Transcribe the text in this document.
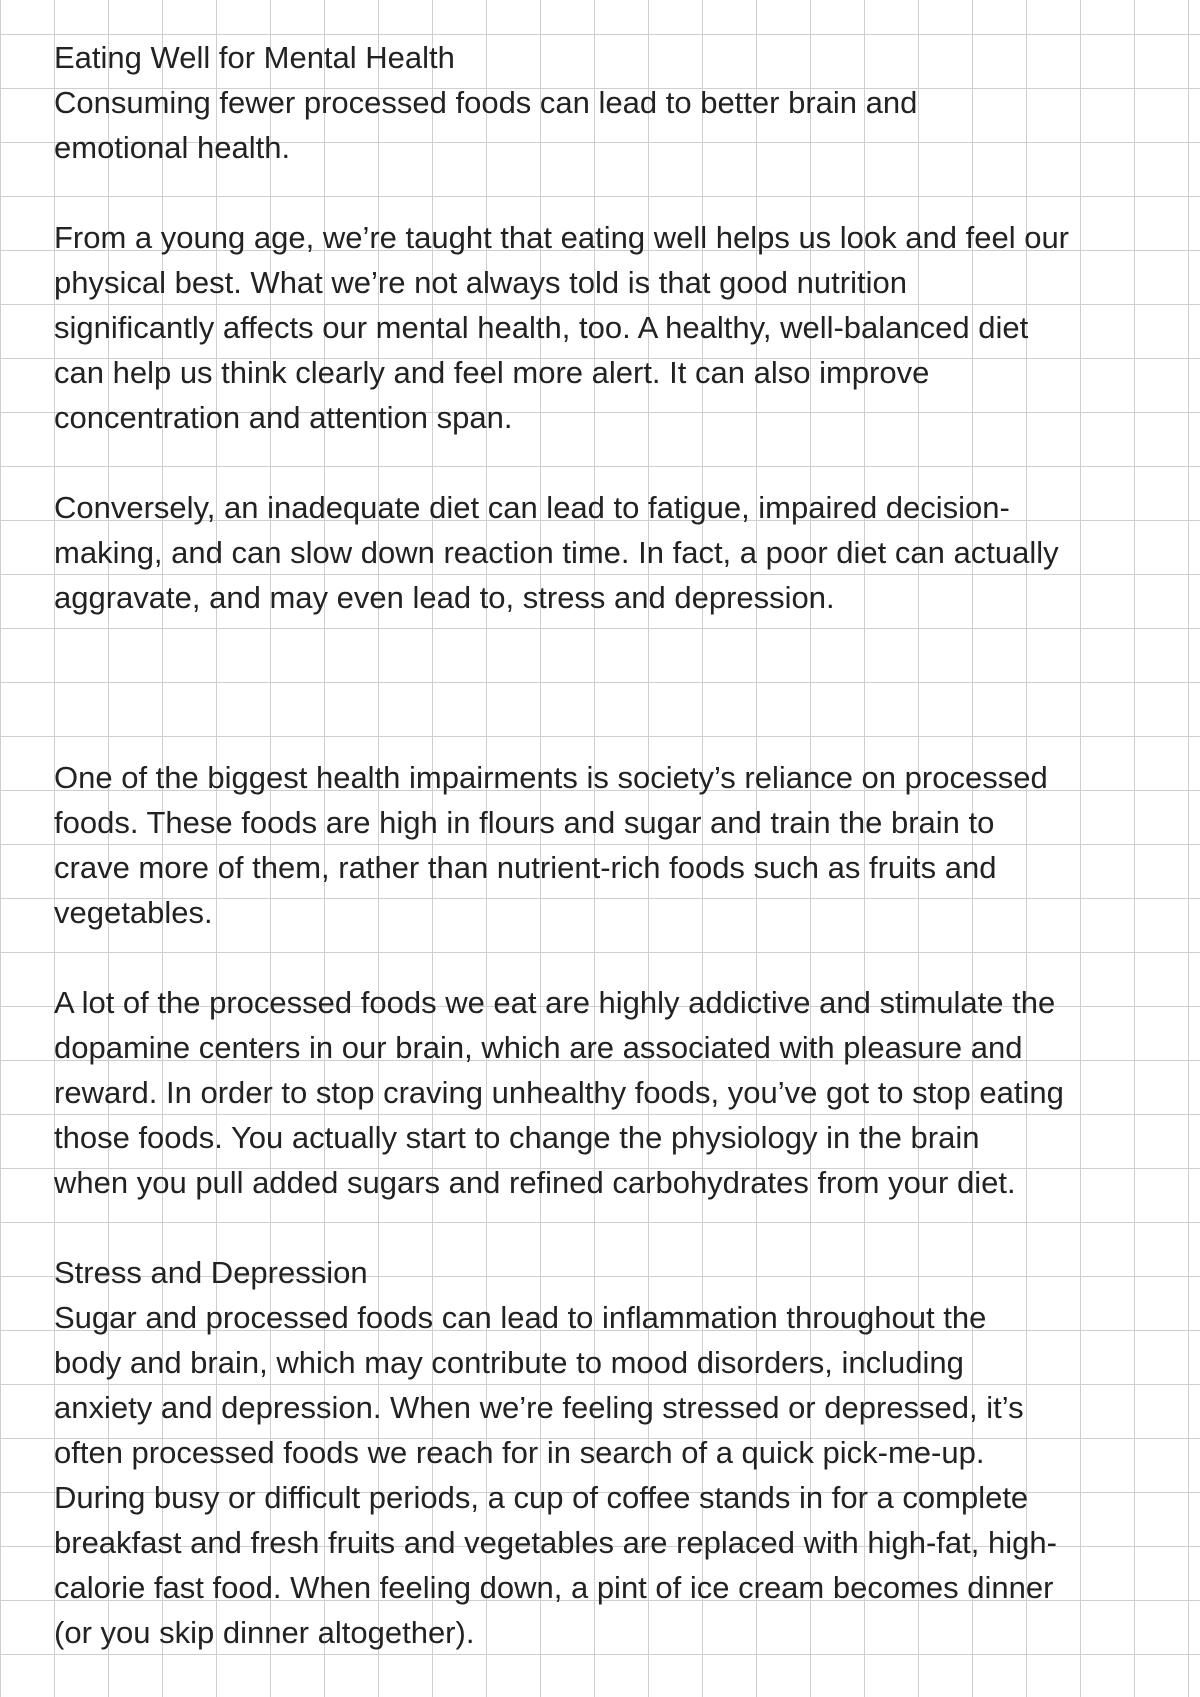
Eating Well for Mental Health

Consuming fewer processed foods can lead to better brain and

emotional health.

From a young age, we’re taught that eating well helps us look and feel our

physical best. What we’re not always told is that good nutrition

significantly affects our mental health, too. A healthy, well-balanced diet

can help us think clearly and feel more alert. It can also improve

concentration and attention span.

Conversely, an inadequate diet can lead to fatigue, impaired decision-

making, and can slow down reaction time. In fact, a poor diet can actually

aggravate, and may even lead to, stress and depression.

One of the biggest health impairments is society’s reliance on processed

foods. These foods are high in flours and sugar and train the brain to

crave more of them, rather than nutrient-rich foods such as fruits and

vegetables.

A lot of the processed foods we eat are highly addictive and stimulate the

dopamine centers in our brain, which are associated with pleasure and

reward. In order to stop craving unhealthy foods, you’ve got to stop eating

those foods. You actually start to change the physiology in the brain

when you pull added sugars and refined carbohydrates from your diet.

Stress and Depression

Sugar and processed foods can lead to inflammation throughout the

body and brain, which may contribute to mood disorders, including

anxiety and depression. When we’re feeling stressed or depressed, it’s

often processed foods we reach for in search of a quick pick-me-up.

During busy or difficult periods, a cup of coffee stands in for a complete

breakfast and fresh fruits and vegetables are replaced with high-fat, high-

calorie fast food. When feeling down, a pint of ice cream becomes dinner

(or you skip dinner altogether).
